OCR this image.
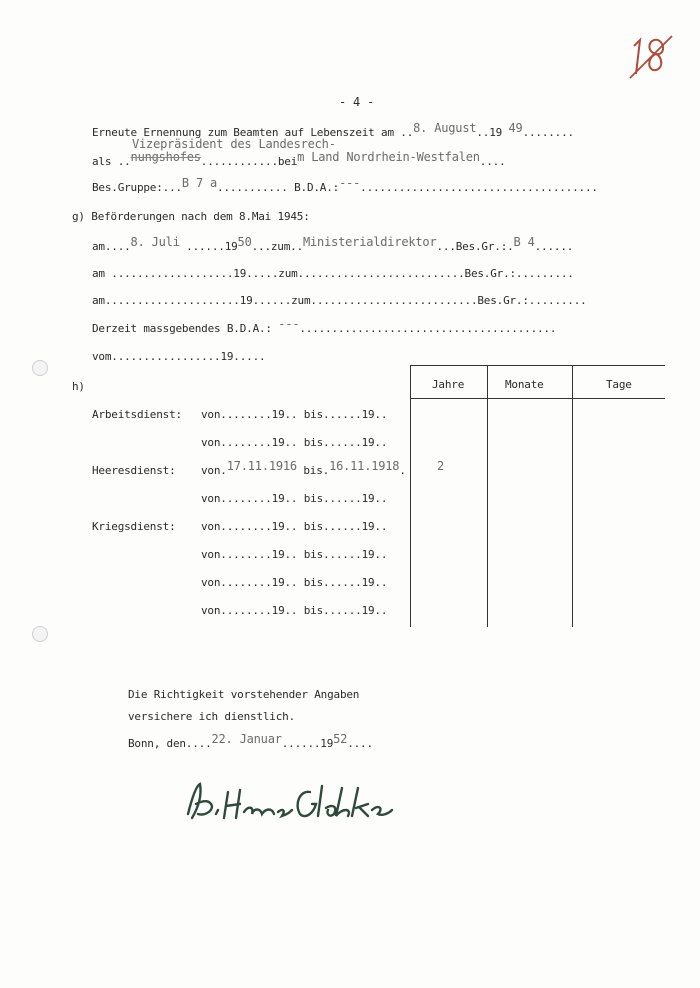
- 4 -
Erneute Ernennung zum Beamten auf Lebenszeit am ..8. August..19 49........
Vizepräsident des Landesrech-
als ..nungshofes............beim Land Nordrhein-Westfalen....
Bes.Gruppe:...B 7 a........... B.D.A.:---.....................................
g) Beförderungen nach dem 8.Mai 1945:
am....8. Juli ......1950...zum..Ministerialdirektor...Bes.Gr.:.B 4......
am ...................19.....zum..........................Bes.Gr.:.........
am.....................19......zum..........................Bes.Gr.:.........
Derzeit massgebendes B.D.A.: ---........................................
vom.................19.....
h)	Jahre	Monate	Tage
Arbeitsdienst: von........19.. bis......19..
von........19.. bis......19..
Heeresdienst: von.17.11.1916 bis.16.11.1918.	2
von........19.. bis......19..
Kriegsdienst: von........19.. bis......19..
von........19.. bis......19..
von........19.. bis......19..
von........19.. bis......19..
Die Richtigkeit vorstehender Angaben
versichere ich dienstlich.
Bonn, den....22. Januar......1952....
